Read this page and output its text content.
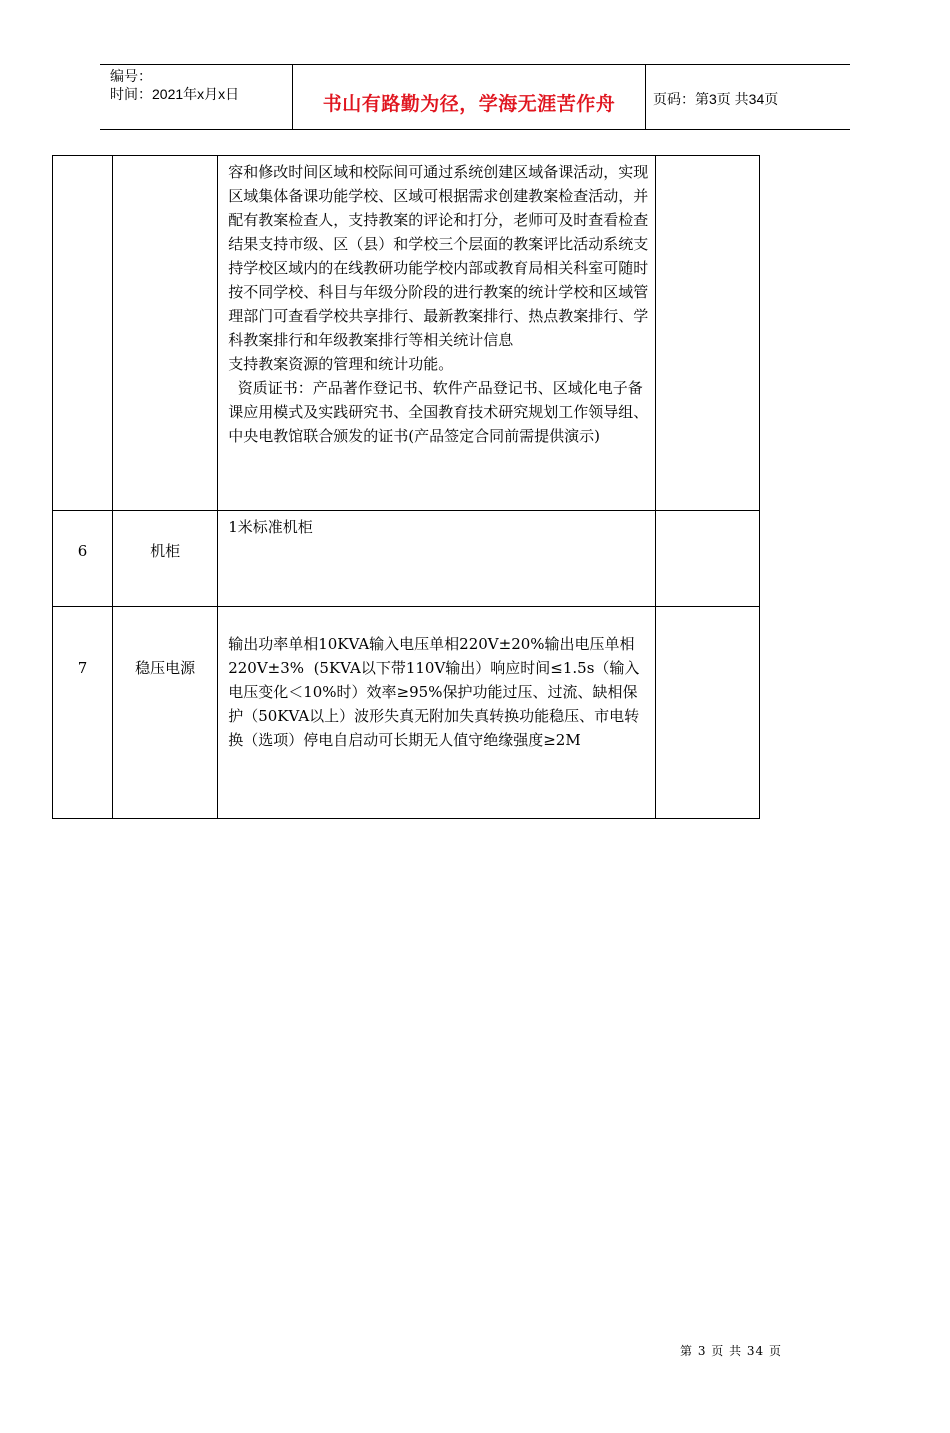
编号：
时间：2021年x月x日	书山有路勤为径，学海无涯苦作舟	页码：第3页 共34页

		容和修改时间区域和校际间可通过系统创建区域备课活动，实现区域集体备课功能学校、区域可根据需求创建教案检查活动，并配有教案检查人，支持教案的评论和打分，老师可及时查看检查结果支持市级、区（县）和学校三个层面的教案评比活动系统支持学校区域内的在线教研功能学校内部或教育局相关科室可随时按不同学校、科目与年级分阶段的进行教案的统计学校和区域管理部门可查看学校共享排行、最新教案排行、热点教案排行、学科教案排行和年级教案排行等相关统计信息

支持教案资源的管理和统计功能。

资质证书：产品著作登记书、软件产品登记书、区域化电子备课应用模式及实践研究书、全国教育技术研究规划工作领导组、中央电教馆联合颁发的证书(产品签定合同前需提供演示)	

6	机柜	1米标准机柜	

7	稳压电源	输出功率单相10KVA输入电压单相220V±20%输出电压单相220V±3%  (5KVA以下带110V输出）响应时间≤1.5s（输入电压变化＜10%时）效率≥95%保护功能过压、过流、缺相保护（50KVA以上）波形失真无附加失真转换功能稳压、市电转换（选项）停电自启动可长期无人值守绝缘强度≥2M	

第 3 页 共 34 页
